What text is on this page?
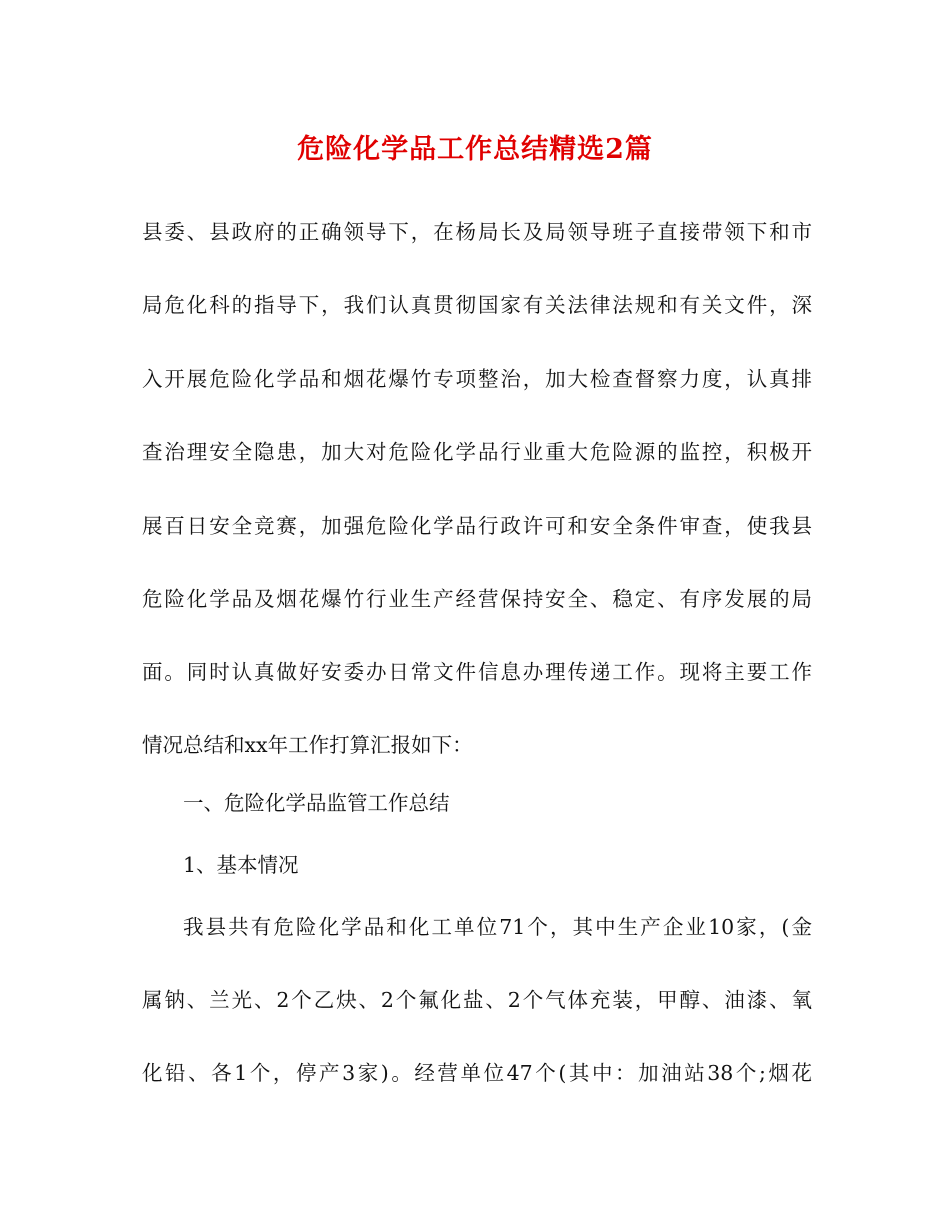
危险化学品工作总结精选2篇

县委、县政府的正确领导下，在杨局长及局领导班子直接带领下和市

局危化科的指导下，我们认真贯彻国家有关法律法规和有关文件，深

入开展危险化学品和烟花爆竹专项整治，加大检查督察力度，认真排

查治理安全隐患，加大对危险化学品行业重大危险源的监控，积极开

展百日安全竞赛，加强危险化学品行政许可和安全条件审查，使我县

危险化学品及烟花爆竹行业生产经营保持安全、稳定、有序发展的局

面。同时认真做好安委办日常文件信息办理传递工作。现将主要工作

情况总结和xx年工作打算汇报如下：

一、危险化学品监管工作总结

1、基本情况

我县共有危险化学品和化工单位71个，其中生产企业10家，(金

属钠、兰光、2个乙炔、2个氟化盐、2个气体充装，甲醇、油漆、氧

化铅、各1个，停产3家)。经营单位47个(其中：加油站38个;烟花
